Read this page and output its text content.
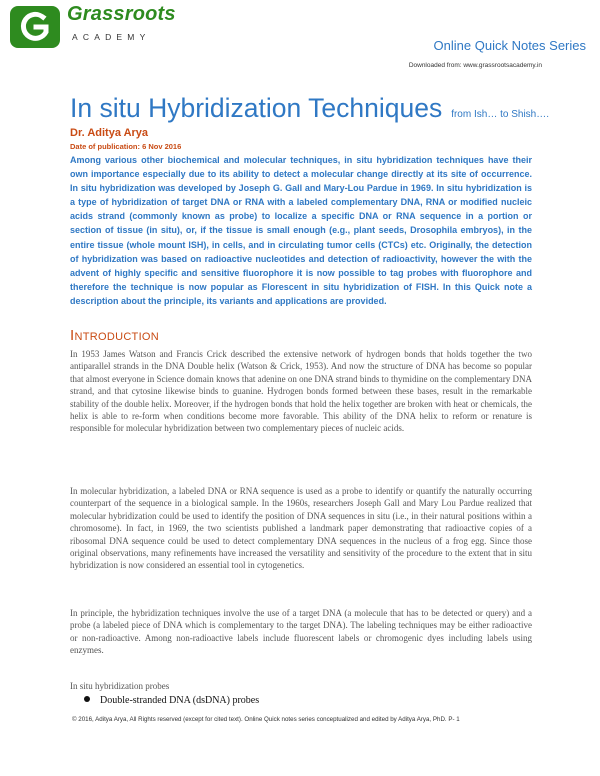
Grassroots
ACADEMY
Online Quick Notes Series
Downloaded from: www.grassrootsacademy.in
In situ Hybridization Techniques from Ish… to Shish….
Dr. Aditya Arya
Date of publication: 6 Nov 2016

Among various other biochemical and molecular techniques, in situ hybridization techniques have their own importance especially due to its ability to detect a molecular change directly at its site of occurrence. In situ hybridization was developed by Joseph G. Gall and Mary-Lou Pardue in 1969. In situ hybridization is a type of hybridization of target DNA or RNA with a labeled complementary DNA, RNA or modified nucleic acids strand (commonly known as probe) to localize a specific DNA or RNA sequence in a portion or section of tissue (in situ), or, if the tissue is small enough (e.g., plant seeds, Drosophila embryos), in the entire tissue (whole mount ISH), in cells, and in circulating tumor cells (CTCs) etc. Originally, the detection of hybridization was based on radioactive nucleotides and detection of radioactivity, however the with the advent of highly specific and sensitive fluorophore it is now possible to tag probes with fluorophore and therefore the technique is now popular as Florescent in situ hybridization of FISH. In this Quick note a description about the principle, its variants and applications are provided.

Introduction

In 1953 James Watson and Francis Crick described the extensive network of hydrogen bonds that holds together the two antiparallel strands in the DNA Double helix (Watson & Crick, 1953). And now the structure of DNA has become so popular that almost everyone in Science domain knows that adenine on one DNA strand binds to thymidine on the complementary DNA strand, and that cytosine likewise binds to guanine. Hydrogen bonds formed between these bases, result in the remarkable stability of the double helix. Moreover, if the hydrogen bonds that hold the helix together are broken with heat or chemicals, the helix is able to re-form when conditions become more favorable. This ability of the DNA helix to reform or renature is responsible for molecular hybridization between two complementary pieces of nucleic acids.

In molecular hybridization, a labeled DNA or RNA sequence is used as a probe to identify or quantify the naturally occurring counterpart of the sequence in a biological sample. In the 1960s, researchers Joseph Gall and Mary Lou Pardue realized that molecular hybridization could be used to identify the position of DNA sequences in situ (i.e., in their natural positions within a chromosome). In fact, in 1969, the two scientists published a landmark paper demonstrating that radioactive copies of a ribosomal DNA sequence could be used to detect complementary DNA sequences in the nucleus of a frog egg. Since those original observations, many refinements have increased the versatility and sensitivity of the procedure to the extent that in situ hybridization is now considered an essential tool in cytogenetics.

In principle, the hybridization techniques involve the use of a target DNA (a molecule that has to be detected or query) and a probe (a labeled piece of DNA which is complementary to the target DNA). The labeling techniques may be either radioactive or non-radioactive. Among non-radioactive labels include fluorescent labels or chromogenic dyes including labels using enzymes.

In situ hybridization probes
Double-stranded DNA (dsDNA) probes
© 2016, Aditya Arya, All Rights reserved (except for cited text). Online Quick notes series conceptualized and edited by Aditya Arya, PhD. P- 1
